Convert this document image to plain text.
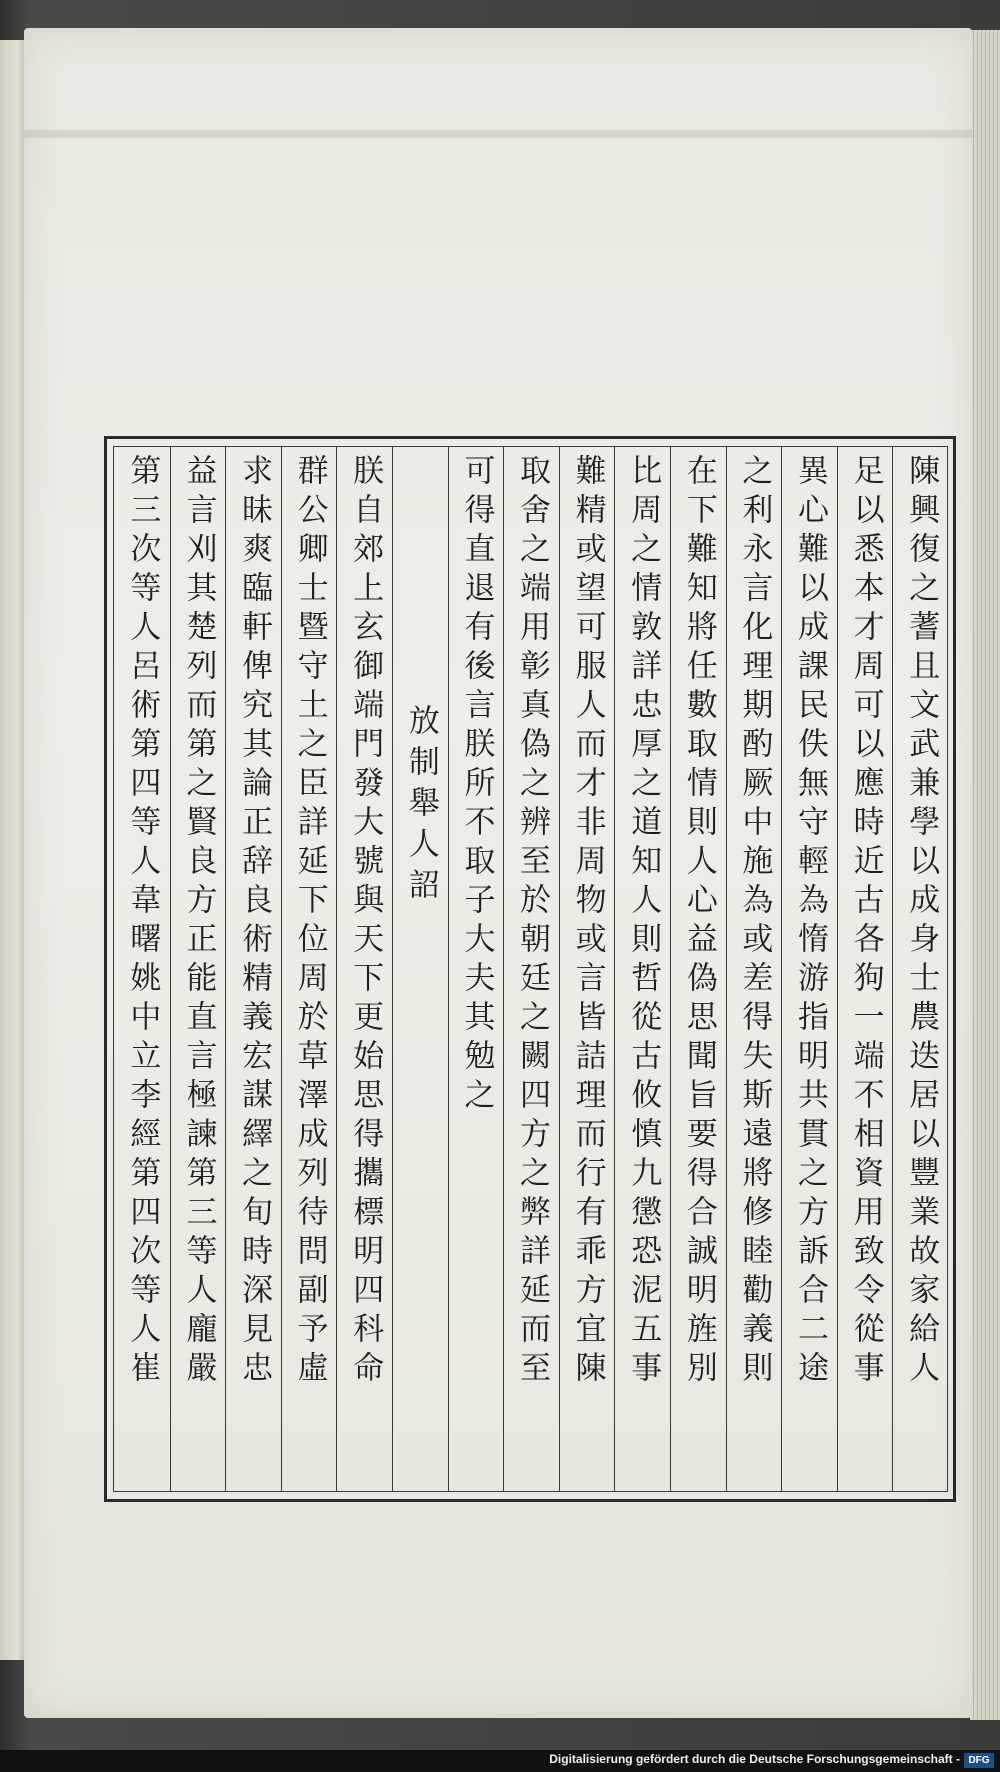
陳興復之蓍且文武兼學以成身士農迭居以豐業故家給人
足以悉本才周可以應時近古各狗一端不相資用致令從事
異心難以成課民佚無守輕為惰游指明共貫之方訴合二途
之利永言化理期酌厥中施為或差得失斯遠將修睦勸義則
在下難知將任數取情則人心益偽思聞旨要得合誠明旌別
比周之情敦詳忠厚之道知人則哲從古攸慎九懲恐泥五事
難精或望可服人而才非周物或言皆詰理而行有乖方宜陳
取舍之端用彰真偽之辨至於朝廷之闕四方之弊詳延而至
可得直退有後言朕所不取子大夫其勉之
放制舉人詔
朕自郊上玄御端門發大號與天下更始思得攜標明四科命
群公卿士暨守土之臣詳延下位周於草澤成列待問副予虛
求昧爽臨軒俾究其論正辞良術精義宏謀繹之旬時深見忠
益言刈其楚列而第之賢良方正能直言極諫第三等人龐嚴
第三次等人呂術第四等人韋曙姚中立李經第四次等人崔
Digitalisierung gefördert durch die Deutsche Forschungsgemeinschaft - DFG
